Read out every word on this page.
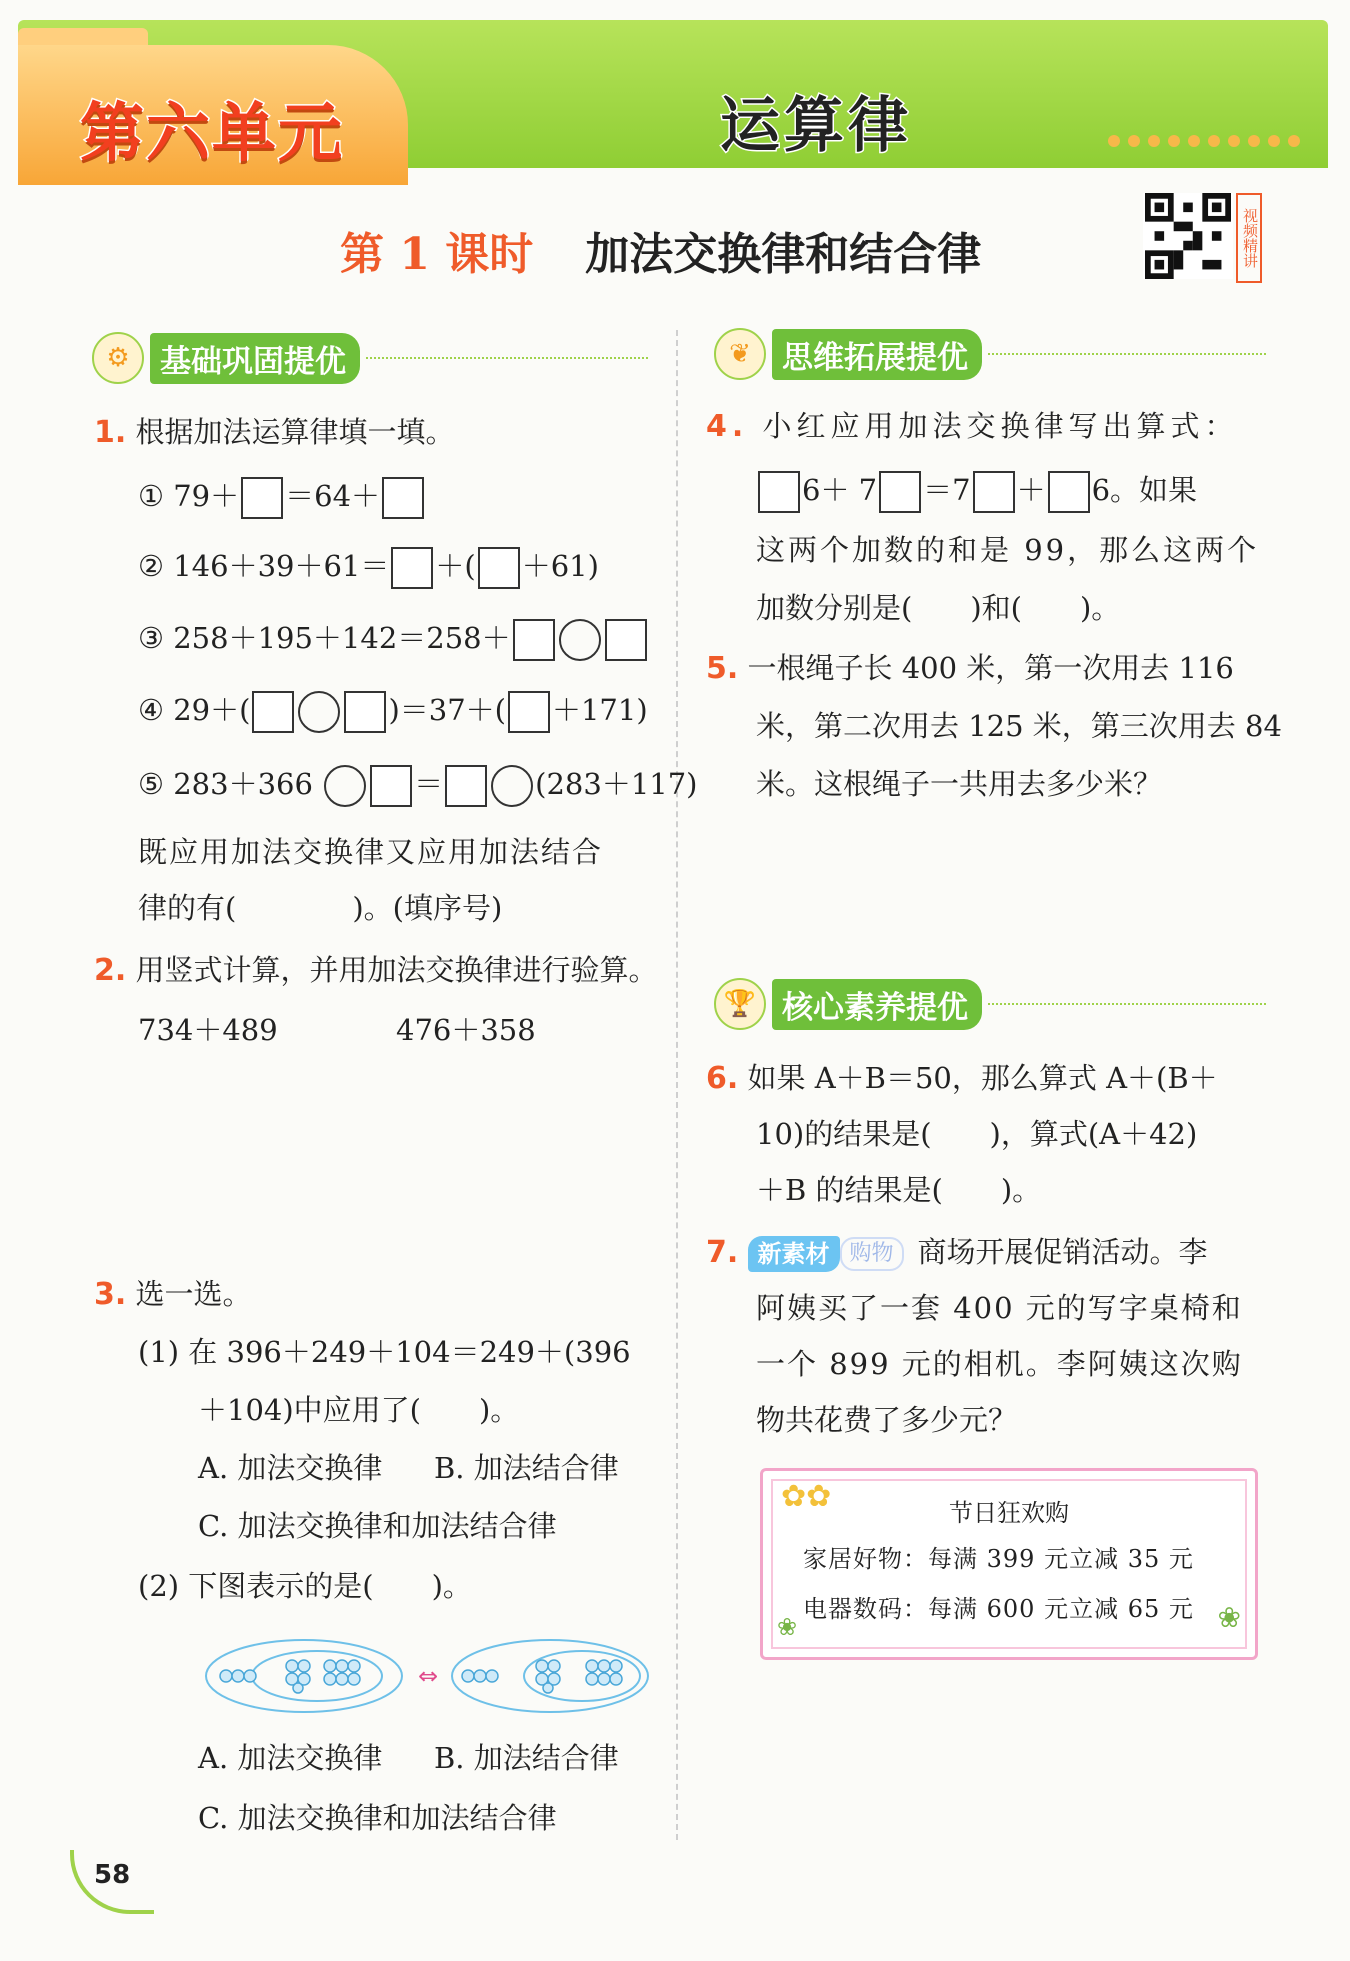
第六单元	运算律
第 1 课时 加法交换律和结合律	视频精讲
⚙ 基础巩固提优
1. 根据加法运算律填一填。
① 79＋ ＝64＋
② 146＋39＋61＝ ＋( ＋61)
③ 258＋195＋142＝258＋
④ 29＋(	)＝37＋( ＋171)
⑤ 283＋366	＝	(283＋117)
既应用加法交换律又应用加法结合
律的有(　　　　)。(填序号)
2. 用竖式计算，并用加法交换律进行验算。
734＋489	476＋358
3. 选一选。
(1) 在 396＋249＋104＝249＋(396
＋104)中应用了(　　)。
A. 加法交换律 B. 加法结合律
C. 加法交换律和加法结合律
(2) 下图表示的是(　　)。
⇔
A. 加法交换律 B. 加法结合律
C. 加法交换律和加法结合律
❦	思维拓展提优
4. 小红应用加法交换律写出算式：
6＋ 7 ＝7 ＋ 6。如果
这两个加数的和是 99，那么这两个
加数分别是(　　)和(　　)。
5. 一根绳子长 400 米，第一次用去 116
米，第二次用去 125 米，第三次用去 84
米。这根绳子一共用去多少米？
🏆 核心素养提优
6. 如果 A＋B＝50，那么算式 A＋(B＋
10)的结果是(　　)，算式(A＋42)
＋B 的结果是(　　)。
7. 新素材 购物 商场开展促销活动。李
阿姨买了一套 400 元的写字桌椅和
一个 899 元的相机。李阿姨这次购
物共花费了多少元？
✿✿	节日狂欢购
家居好物：每满 399 元立减 35 元
电器数码：每满 600 元立减 65 元
❀	❀
58
